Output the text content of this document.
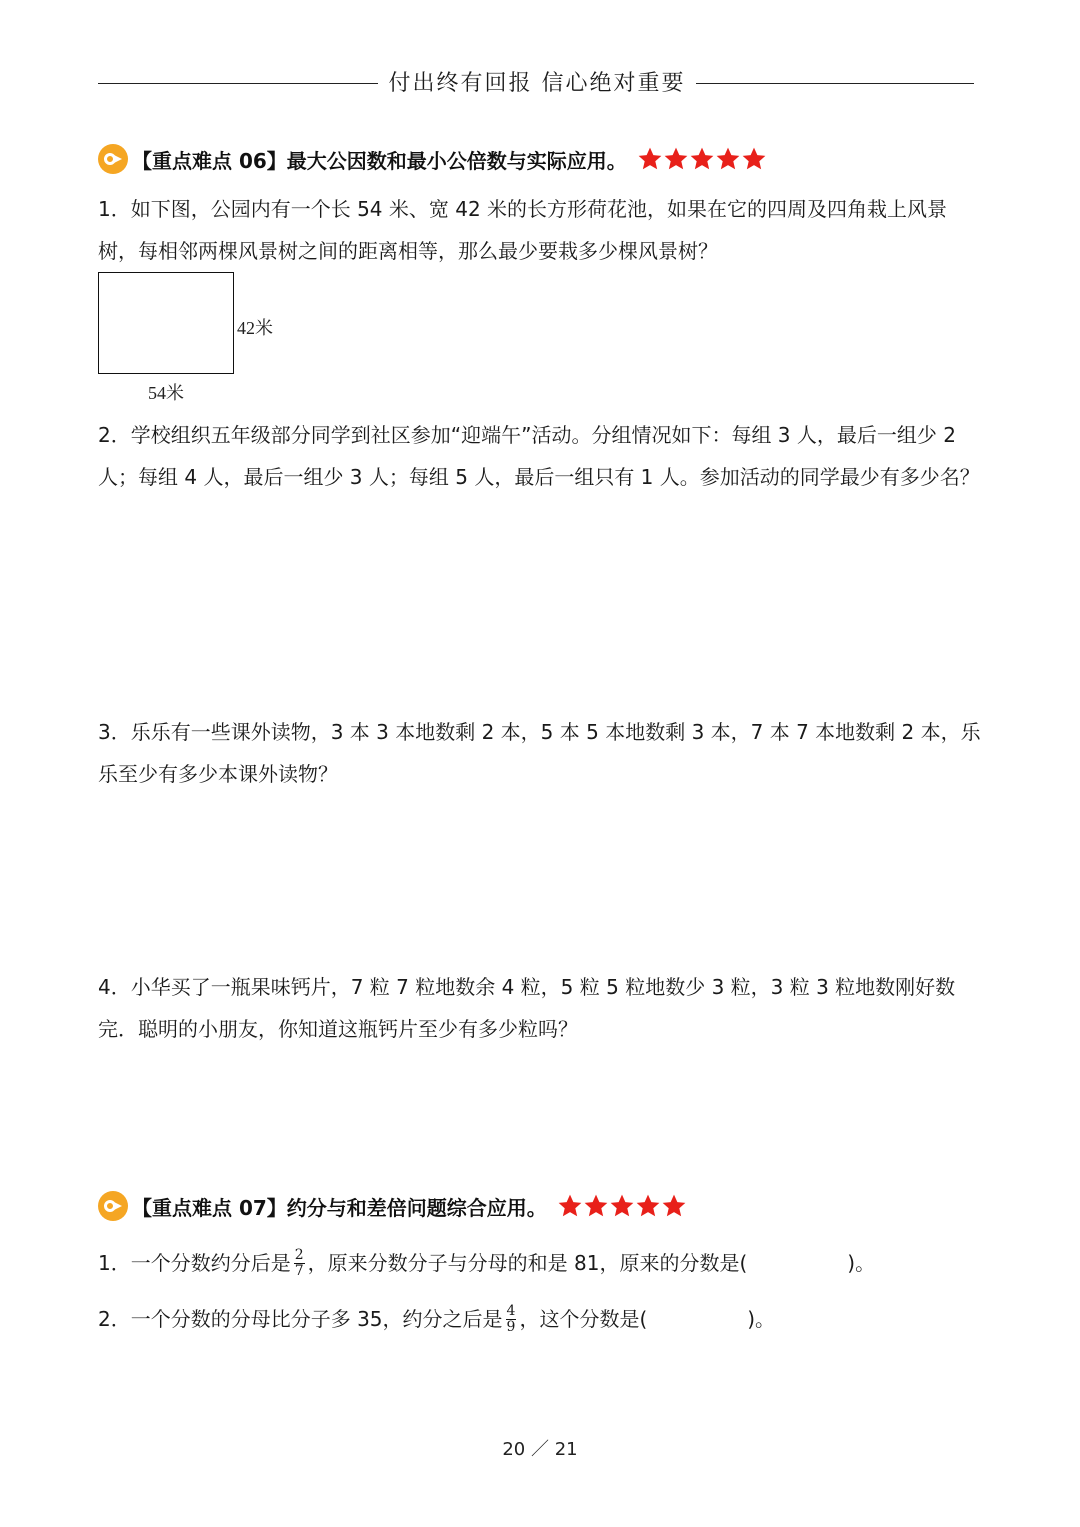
付出终有回报 信心绝对重要
【重点难点 06】最大公因数和最小公倍数与实际应用。
1．如下图，公园内有一个长 54 米、宽 42 米的长方形荷花池，如果在它的四周及四角栽上风景树，每相邻两棵风景树之间的距离相等，那么最少要栽多少棵风景树？
42米
54米
2．学校组织五年级部分同学到社区参加“迎端午”活动。分组情况如下：每组 3 人，最后一组少 2 人；每组 4 人，最后一组少 3 人；每组 5 人，最后一组只有 1 人。参加活动的同学最少有多少名？
3．乐乐有一些课外读物，3 本 3 本地数剩 2 本，5 本 5 本地数剩 3 本，7 本 7 本地数剩 2 本，乐乐至少有多少本课外读物？
4．小华买了一瓶果味钙片，7 粒 7 粒地数余 4 粒，5 粒 5 粒地数少 3 粒，3 粒 3 粒地数刚好数完．聪明的小朋友，你知道这瓶钙片至少有多少粒吗？
【重点难点 07】约分与和差倍问题综合应用。
1．一个分数约分后是 $\frac{2}{7}$ ，原来分数分子与分母的和是 81，原来的分数是(　　　　　)。
2．一个分数的分母比分子多 35，约分之后是 $\frac{4}{9}$ ，这个分数是(　　　　　)。
20 ／ 21
